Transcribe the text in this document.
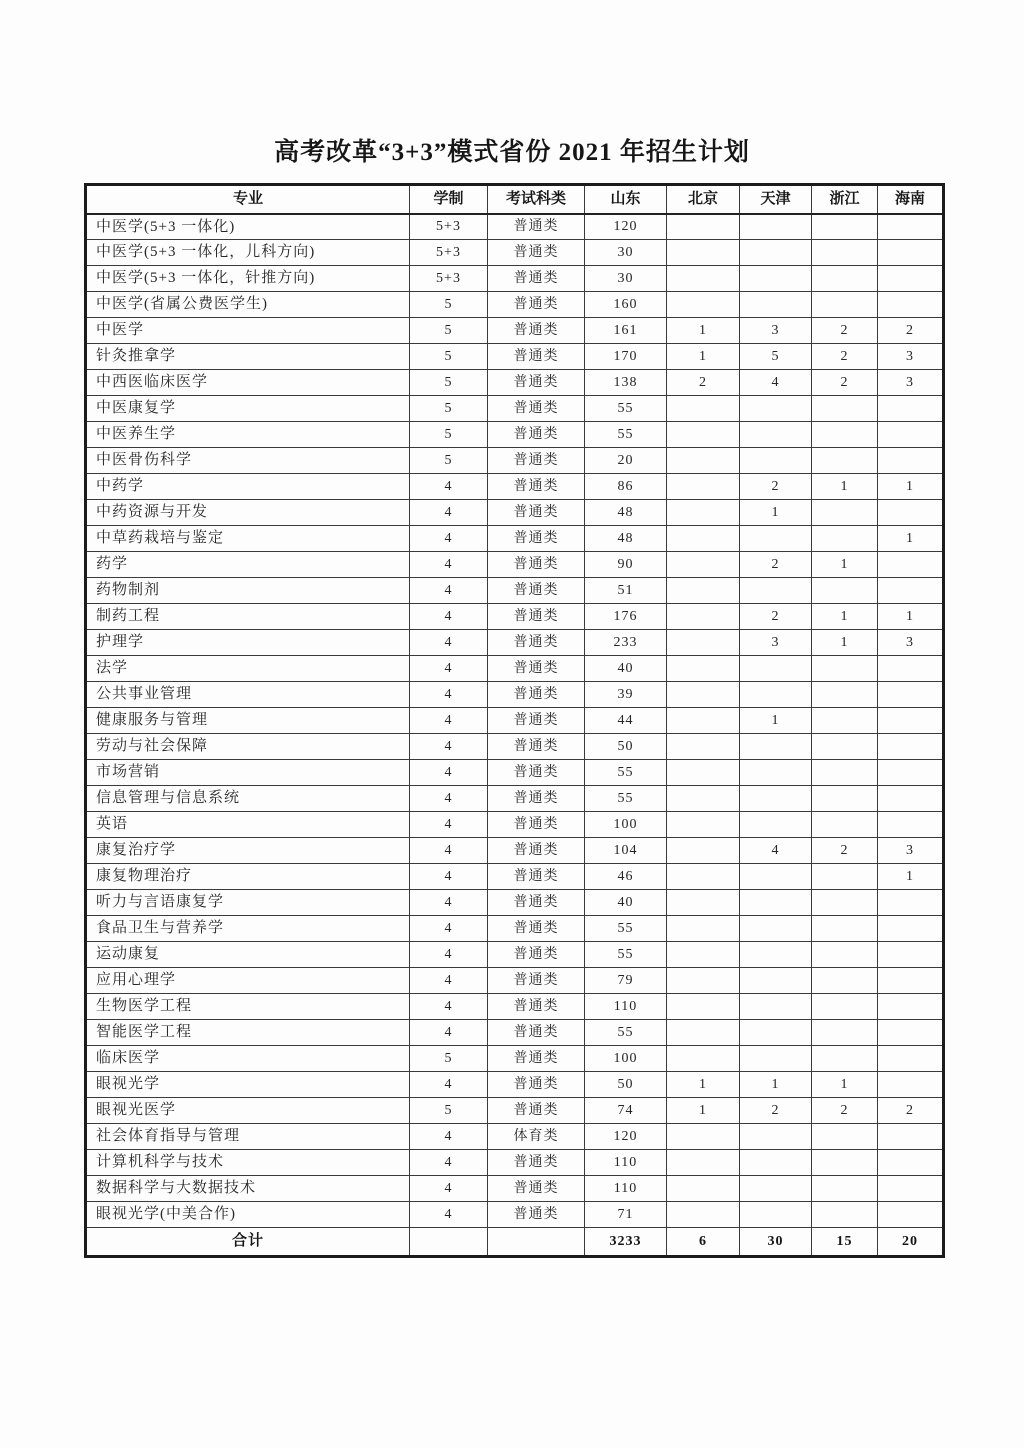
高考改革“3+3”模式省份 2021 年招生计划
专业	学制	考试科类	山东	北京	天津	浙江	海南
中医学(5+3 一体化)	5+3	普通类	120				
中医学(5+3 一体化，儿科方向)	5+3	普通类	30				
中医学(5+3 一体化，针推方向)	5+3	普通类	30				
中医学(省属公费医学生)	5	普通类	160				
中医学	5	普通类	161	1	3	2	2
针灸推拿学	5	普通类	170	1	5	2	3
中西医临床医学	5	普通类	138	2	4	2	3
中医康复学	5	普通类	55				
中医养生学	5	普通类	55				
中医骨伤科学	5	普通类	20				
中药学	4	普通类	86		2	1	1
中药资源与开发	4	普通类	48		1		
中草药栽培与鉴定	4	普通类	48				1
药学	4	普通类	90		2	1	
药物制剂	4	普通类	51				
制药工程	4	普通类	176		2	1	1
护理学	4	普通类	233		3	1	3
法学	4	普通类	40				
公共事业管理	4	普通类	39				
健康服务与管理	4	普通类	44		1		
劳动与社会保障	4	普通类	50				
市场营销	4	普通类	55				
信息管理与信息系统	4	普通类	55				
英语	4	普通类	100				
康复治疗学	4	普通类	104		4	2	3
康复物理治疗	4	普通类	46				1
听力与言语康复学	4	普通类	40				
食品卫生与营养学	4	普通类	55				
运动康复	4	普通类	55				
应用心理学	4	普通类	79				
生物医学工程	4	普通类	110				
智能医学工程	4	普通类	55				
临床医学	5	普通类	100				
眼视光学	4	普通类	50	1	1	1	
眼视光医学	5	普通类	74	1	2	2	2
社会体育指导与管理	4	体育类	120				
计算机科学与技术	4	普通类	110				
数据科学与大数据技术	4	普通类	110				
眼视光学(中美合作)	4	普通类	71				
合计			3233	6	30	15	20
